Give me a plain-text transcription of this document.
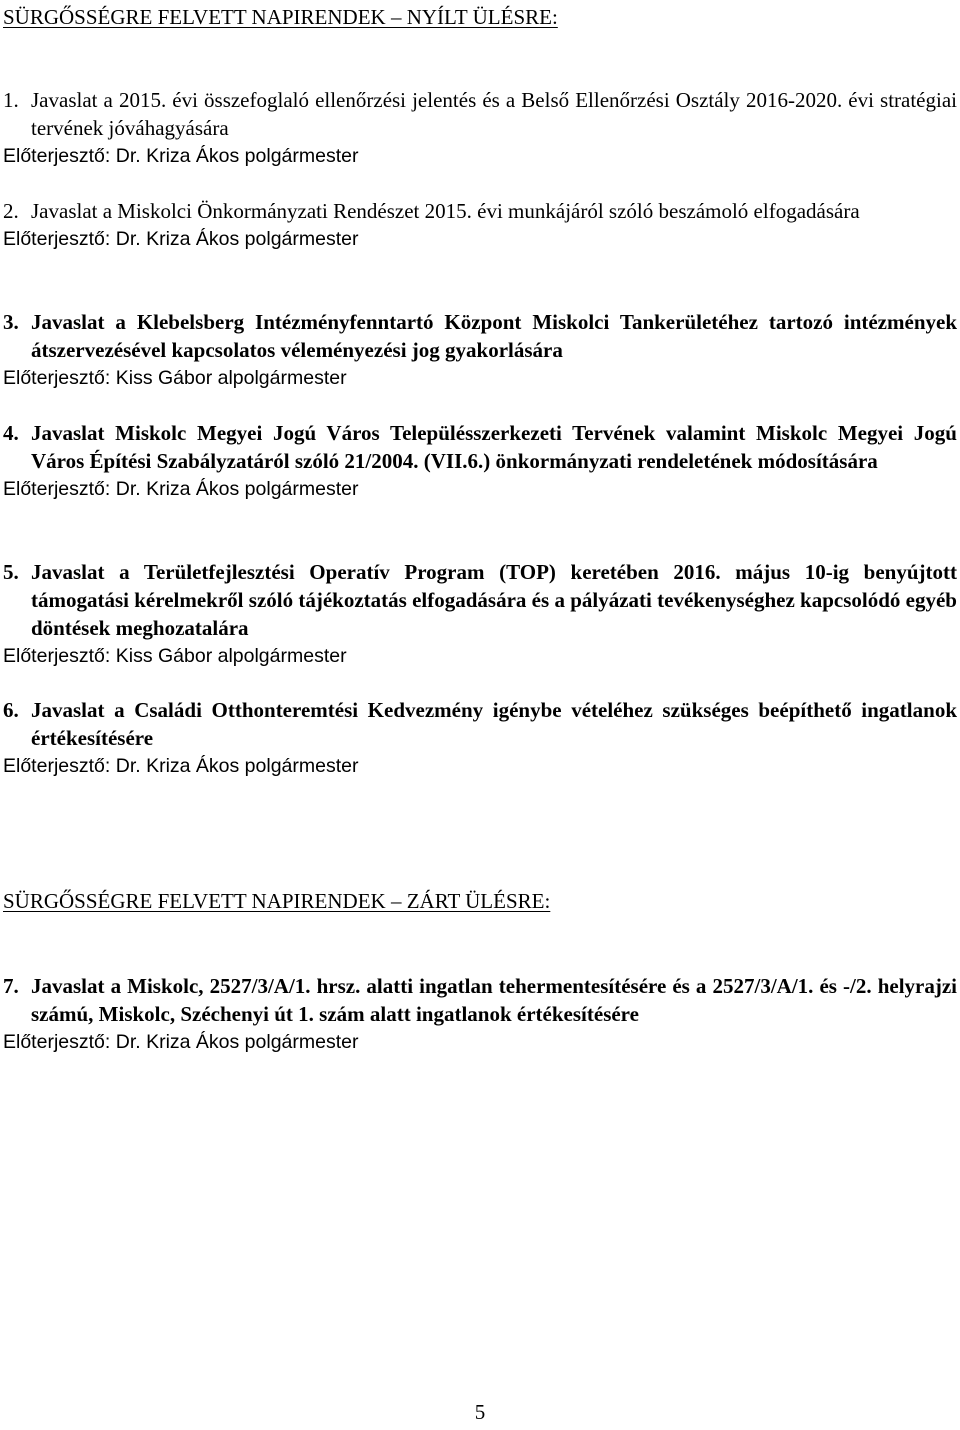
SÜRGŐSSÉGRE FELVETT NAPIRENDEK – NYÍLT ÜLÉSRE:
1. Javaslat a 2015. évi összefoglaló ellenőrzési jelentés és a Belső Ellenőrzési Osztály 2016-2020. évi stratégiai tervének jóváhagyására

Előterjesztő: Dr. Kriza Ákos polgármester

2. Javaslat a Miskolci Önkormányzati Rendészet 2015. évi munkájáról szóló beszámoló elfogadására

Előterjesztő: Dr. Kriza Ákos polgármester

3. Javaslat a Klebelsberg Intézményfenntartó Központ Miskolci Tankerületéhez tartozó intézmények átszervezésével kapcsolatos véleményezési jog gyakorlására

Előterjesztő: Kiss Gábor alpolgármester

4. Javaslat Miskolc Megyei Jogú Város Településszerkezeti Tervének valamint Miskolc Megyei Jogú Város Építési Szabályzatáról szóló 21/2004. (VII.6.) önkormányzati rendeletének módosítására

Előterjesztő: Dr. Kriza Ákos polgármester

5. Javaslat a Területfejlesztési Operatív Program (TOP) keretében 2016. május 10-ig benyújtott támogatási kérelmekről szóló tájékoztatás elfogadására és a pályázati tevékenységhez kapcsolódó egyéb döntések meghozatalára

Előterjesztő: Kiss Gábor alpolgármester

6. Javaslat a Családi Otthonteremtési Kedvezmény igénybe vételéhez szükséges beépíthető ingatlanok értékesítésére

Előterjesztő: Dr. Kriza Ákos polgármester

SÜRGŐSSÉGRE FELVETT NAPIRENDEK – ZÁRT ÜLÉSRE:
7. Javaslat a Miskolc, 2527/3/A/1. hrsz. alatti ingatlan tehermentesítésére és a 2527/3/A/1. és -/2. helyrajzi számú, Miskolc, Széchenyi út 1. szám alatt ingatlanok értékesítésére

Előterjesztő: Dr. Kriza Ákos polgármester

5
